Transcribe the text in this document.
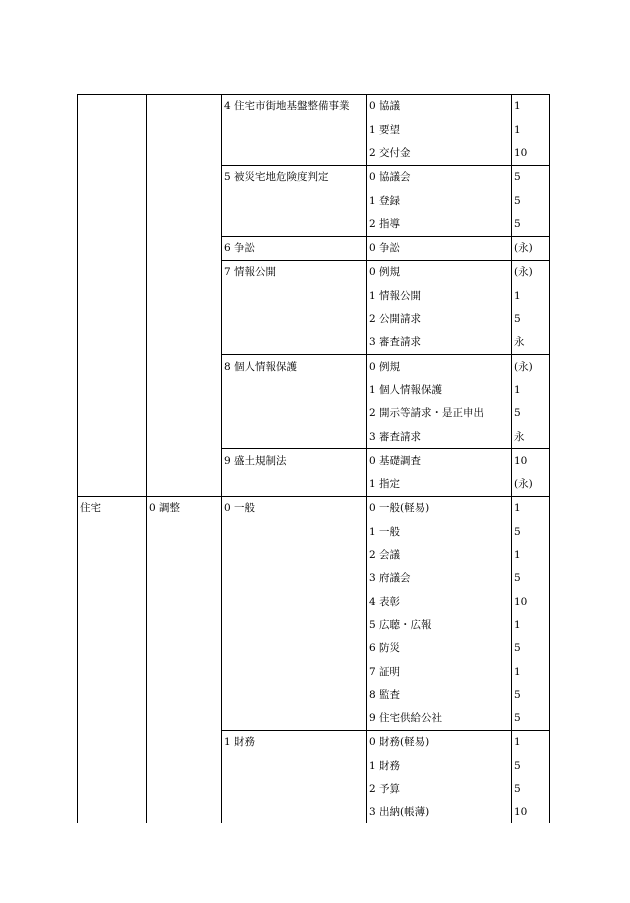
		4 住宅市街地基盤整備事業	0 協議	1
			1 要望	1
			2 交付金	10
		5 被災宅地危険度判定	0 協議会	5
			1 登録	5
			2 指導	5
		6 争訟	0 争訟	(永)
		7 情報公開	0 例規	(永)
			1 情報公開	1
			2 公開請求	5
			3 審査請求	永
		8 個人情報保護	0 例規	(永)
			1 個人情報保護	1
			2 開示等請求・是正申出	5
			3 審査請求	永
		9 盛土規制法	0 基礎調査	10
			1 指定	(永)
住宅	0 調整	0 一般	0 一般(軽易)	1
			1 一般	5
			2 会議	1
			3 府議会	5
			4 表彰	10
			5 広聴・広報	1
			6 防災	5
			7 証明	1
			8 監査	5
			9 住宅供給公社	5
		1 財務	0 財務(軽易)	1
			1 財務	5
			2 予算	5
			3 出納(帳薄)	10
